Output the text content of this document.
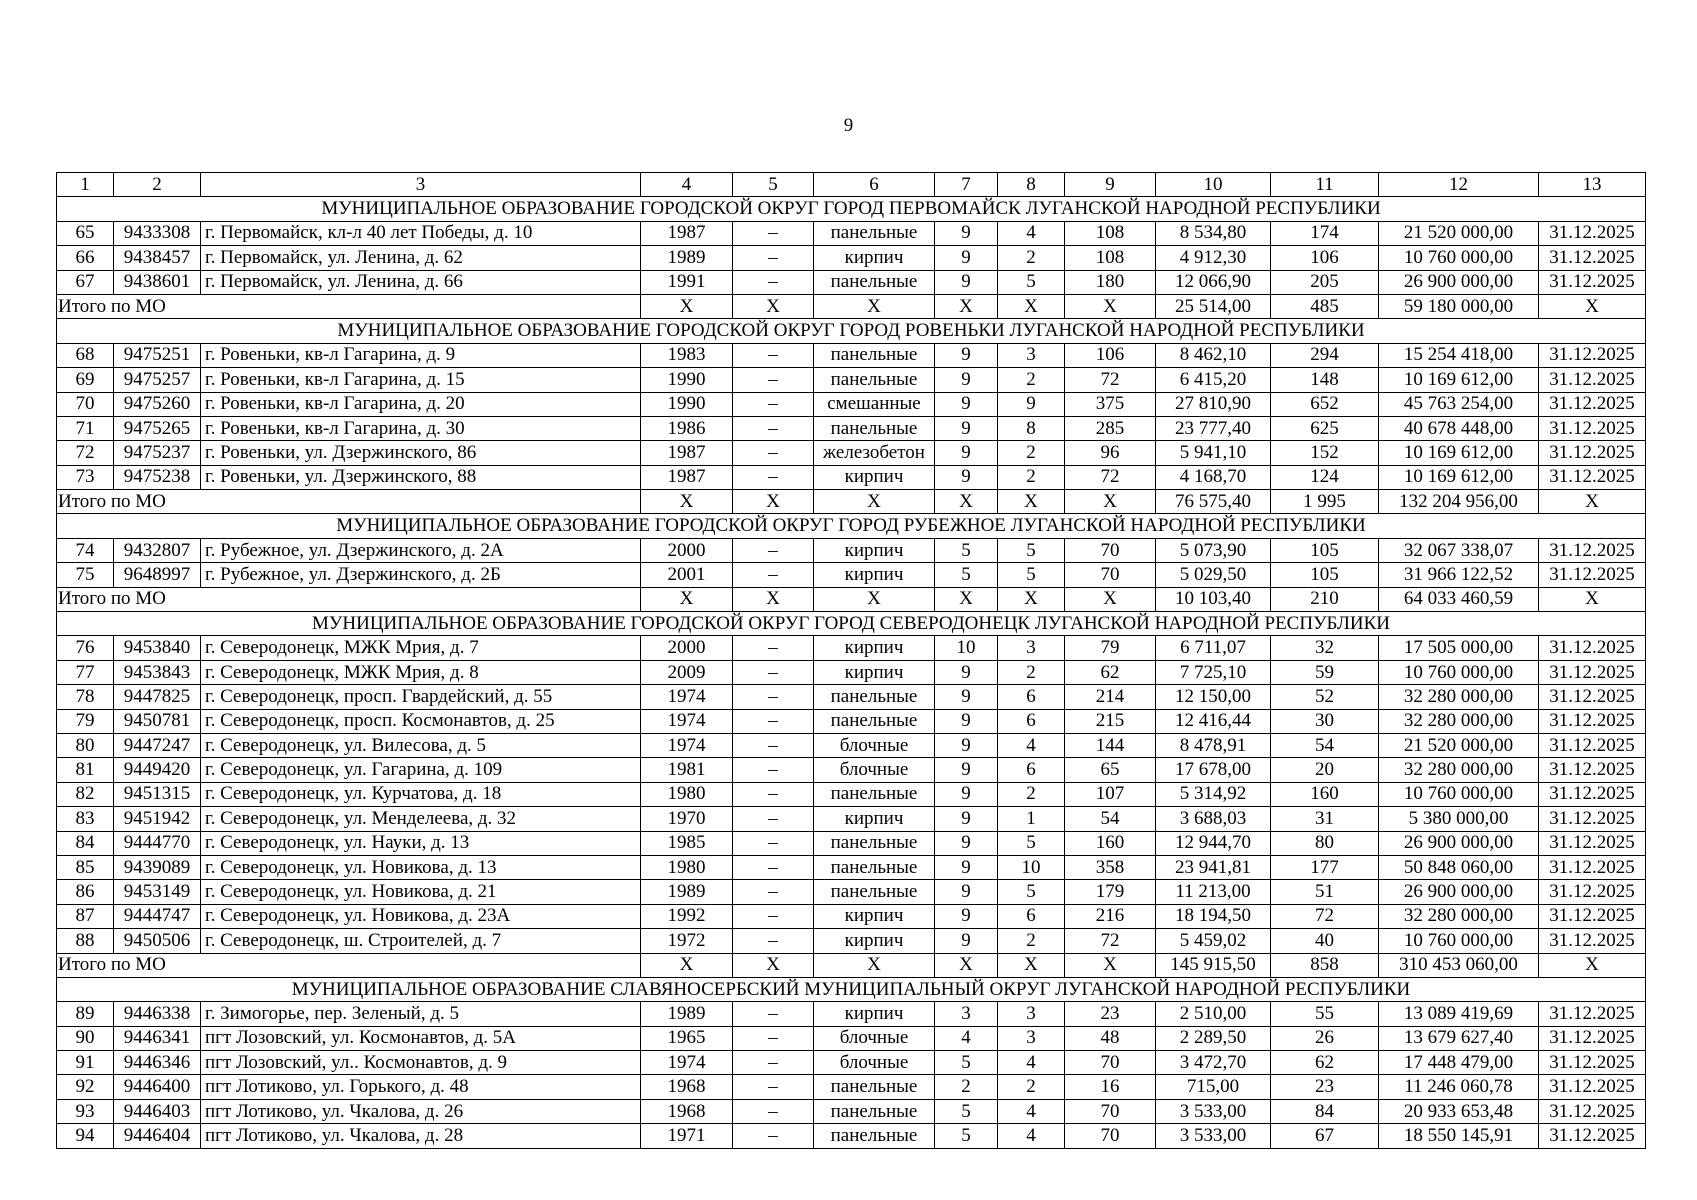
9
1	2	3	4	5	6	7	8	9	10	11	12	13
МУНИЦИПАЛЬНОЕ ОБРАЗОВАНИЕ ГОРОДСКОЙ ОКРУГ ГОРОД ПЕРВОМАЙСК ЛУГАНСКОЙ НАРОДНОЙ РЕСПУБЛИКИ												
65	9433308	г. Первомайск, кл-л 40 лет Победы, д. 10	1987	–	панельные	9	4	108	8 534,80	174	21 520 000,00	31.12.2025
66	9438457	г. Первомайск, ул. Ленина, д. 62	1989	–	кирпич	9	2	108	4 912,30	106	10 760 000,00	31.12.2025
67	9438601	г. Первомайск, ул. Ленина, д. 66	1991	–	панельные	9	5	180	12 066,90	205	26 900 000,00	31.12.2025
Итого по МО			X	X	X	X	X	X	25 514,00	485	59 180 000,00	X
МУНИЦИПАЛЬНОЕ ОБРАЗОВАНИЕ ГОРОДСКОЙ ОКРУГ ГОРОД РОВЕНЬКИ ЛУГАНСКОЙ НАРОДНОЙ РЕСПУБЛИКИ												
68	9475251	г. Ровеньки, кв-л Гагарина, д. 9	1983	–	панельные	9	3	106	8 462,10	294	15 254 418,00	31.12.2025
69	9475257	г. Ровеньки, кв-л Гагарина, д. 15	1990	–	панельные	9	2	72	6 415,20	148	10 169 612,00	31.12.2025
70	9475260	г. Ровеньки, кв-л Гагарина, д. 20	1990	–	смешанные	9	9	375	27 810,90	652	45 763 254,00	31.12.2025
71	9475265	г. Ровеньки, кв-л Гагарина, д. 30	1986	–	панельные	9	8	285	23 777,40	625	40 678 448,00	31.12.2025
72	9475237	г. Ровеньки, ул. Дзержинского, 86	1987	–	железобетон	9	2	96	5 941,10	152	10 169 612,00	31.12.2025
73	9475238	г. Ровеньки, ул. Дзержинского, 88	1987	–	кирпич	9	2	72	4 168,70	124	10 169 612,00	31.12.2025
Итого по МО			X	X	X	X	X	X	76 575,40	1 995	132 204 956,00	X
МУНИЦИПАЛЬНОЕ ОБРАЗОВАНИЕ ГОРОДСКОЙ ОКРУГ ГОРОД РУБЕЖНОЕ ЛУГАНСКОЙ НАРОДНОЙ РЕСПУБЛИКИ												
74	9432807	г. Рубежное, ул. Дзержинского, д. 2А	2000	–	кирпич	5	5	70	5 073,90	105	32 067 338,07	31.12.2025
75	9648997	г. Рубежное, ул. Дзержинского, д. 2Б	2001	–	кирпич	5	5	70	5 029,50	105	31 966 122,52	31.12.2025
Итого по МО			X	X	X	X	X	X	10 103,40	210	64 033 460,59	X
МУНИЦИПАЛЬНОЕ ОБРАЗОВАНИЕ ГОРОДСКОЙ ОКРУГ ГОРОД СЕВЕРОДОНЕЦК ЛУГАНСКОЙ НАРОДНОЙ РЕСПУБЛИКИ												
76	9453840	г. Северодонецк, МЖК Мрия, д. 7	2000	–	кирпич	10	3	79	6 711,07	32	17 505 000,00	31.12.2025
77	9453843	г. Северодонецк, МЖК Мрия, д. 8	2009	–	кирпич	9	2	62	7 725,10	59	10 760 000,00	31.12.2025
78	9447825	г. Северодонецк, просп. Гвардейский, д. 55	1974	–	панельные	9	6	214	12 150,00	52	32 280 000,00	31.12.2025
79	9450781	г. Северодонецк, просп. Космонавтов, д. 25	1974	–	панельные	9	6	215	12 416,44	30	32 280 000,00	31.12.2025
80	9447247	г. Северодонецк, ул. Вилесова, д. 5	1974	–	блочные	9	4	144	8 478,91	54	21 520 000,00	31.12.2025
81	9449420	г. Северодонецк, ул. Гагарина, д. 109	1981	–	блочные	9	6	65	17 678,00	20	32 280 000,00	31.12.2025
82	9451315	г. Северодонецк, ул. Курчатова, д. 18	1980	–	панельные	9	2	107	5 314,92	160	10 760 000,00	31.12.2025
83	9451942	г. Северодонецк, ул. Менделеева, д. 32	1970	–	кирпич	9	1	54	3 688,03	31	5 380 000,00	31.12.2025
84	9444770	г. Северодонецк, ул. Науки, д. 13	1985	–	панельные	9	5	160	12 944,70	80	26 900 000,00	31.12.2025
85	9439089	г. Северодонецк, ул. Новикова, д. 13	1980	–	панельные	9	10	358	23 941,81	177	50 848 060,00	31.12.2025
86	9453149	г. Северодонецк, ул. Новикова, д. 21	1989	–	панельные	9	5	179	11 213,00	51	26 900 000,00	31.12.2025
87	9444747	г. Северодонецк, ул. Новикова, д. 23А	1992	–	кирпич	9	6	216	18 194,50	72	32 280 000,00	31.12.2025
88	9450506	г. Северодонецк, ш. Строителей, д. 7	1972	–	кирпич	9	2	72	5 459,02	40	10 760 000,00	31.12.2025
Итого по МО			X	X	X	X	X	X	145 915,50	858	310 453 060,00	X
МУНИЦИПАЛЬНОЕ ОБРАЗОВАНИЕ СЛАВЯНОСЕРБСКИЙ МУНИЦИПАЛЬНЫЙ ОКРУГ ЛУГАНСКОЙ НАРОДНОЙ РЕСПУБЛИКИ												
89	9446338	г. Зимогорье, пер. Зеленый, д. 5	1989	–	кирпич	3	3	23	2 510,00	55	13 089 419,69	31.12.2025
90	9446341	пгт Лозовский, ул. Космонавтов, д. 5А	1965	–	блочные	4	3	48	2 289,50	26	13 679 627,40	31.12.2025
91	9446346	пгт Лозовский, ул.. Космонавтов, д. 9	1974	–	блочные	5	4	70	3 472,70	62	17 448 479,00	31.12.2025
92	9446400	пгт Лотиково, ул. Горького, д. 48	1968	–	панельные	2	2	16	715,00	23	11 246 060,78	31.12.2025
93	9446403	пгт Лотиково, ул. Чкалова, д. 26	1968	–	панельные	5	4	70	3 533,00	84	20 933 653,48	31.12.2025
94	9446404	пгт Лотиково, ул. Чкалова, д. 28	1971	–	панельные	5	4	70	3 533,00	67	18 550 145,91	31.12.2025
